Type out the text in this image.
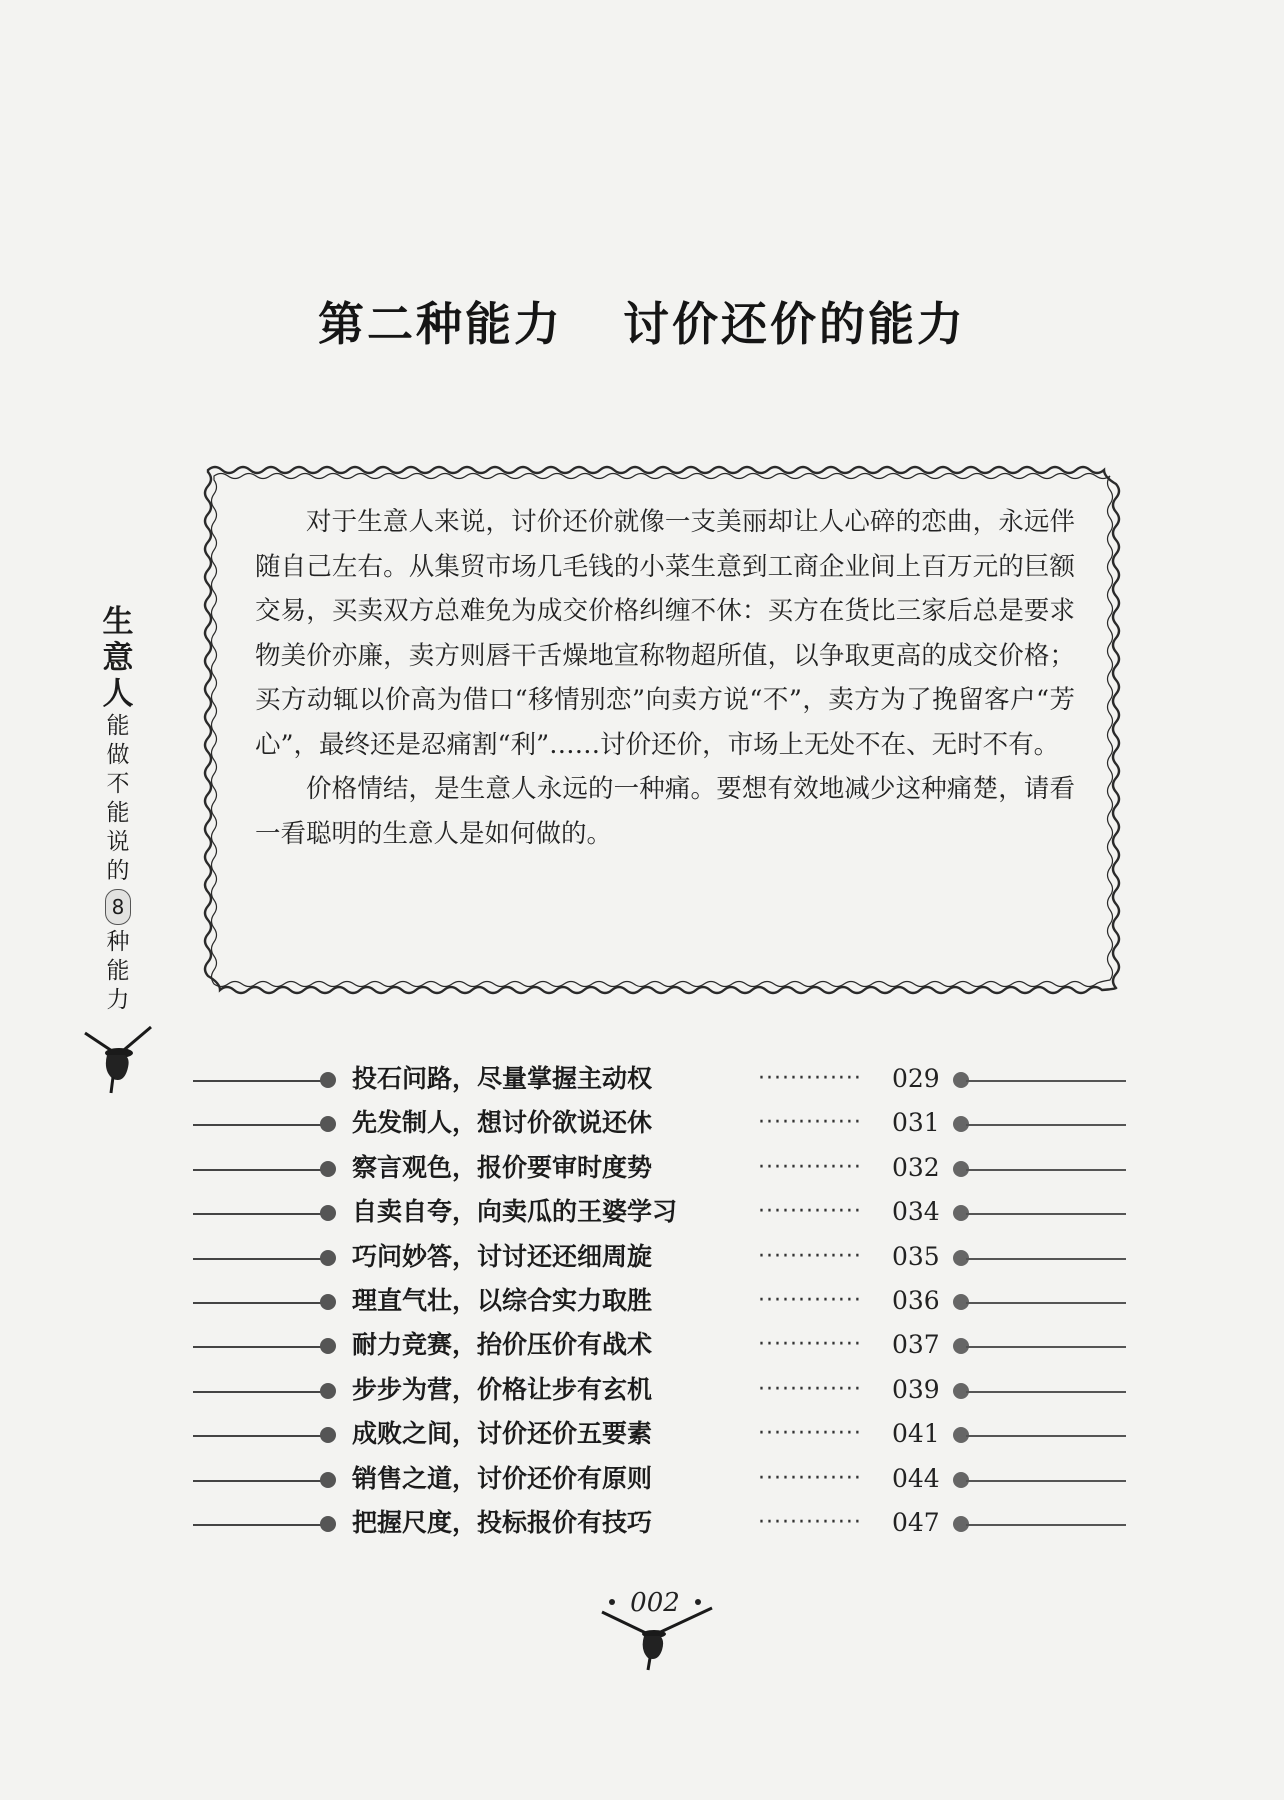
第二种能力 讨价还价的能力

对于生意人来说，讨价还价就像一支美丽却让人心碎的恋曲，永远伴随自己左右。从集贸市场几毛钱的小菜生意到工商企业间上百万元的巨额交易，买卖双方总难免为成交价格纠缠不休：买方在货比三家后总是要求物美价亦廉，卖方则唇干舌燥地宣称物超所值，以争取更高的成交价格；买方动辄以价高为借口“移情别恋”向卖方说“不”，卖方为了挽留客户“芳心”，最终还是忍痛割“利”……讨价还价，市场上无处不在、无时不有。

价格情结，是生意人永远的一种痛。要想有效地减少这种痛楚，请看一看聪明的生意人是如何做的。

生
意
人
能
做
不
能
说
的
8
种
能
力
投石问路，尽量掌握主动权	············· 029
先发制人，想讨价欲说还休	············· 031
察言观色，报价要审时度势	············· 032
自卖自夸，向卖瓜的王婆学习	············· 034
巧问妙答，讨讨还还细周旋	············· 035
理直气壮，以综合实力取胜	············· 036
耐力竞赛，抬价压价有战术	············· 037
步步为营，价格让步有玄机	············· 039
成败之间，讨价还价五要素	············· 041
销售之道，讨价还价有原则	············· 044
把握尺度，投标报价有技巧	············· 047
002
